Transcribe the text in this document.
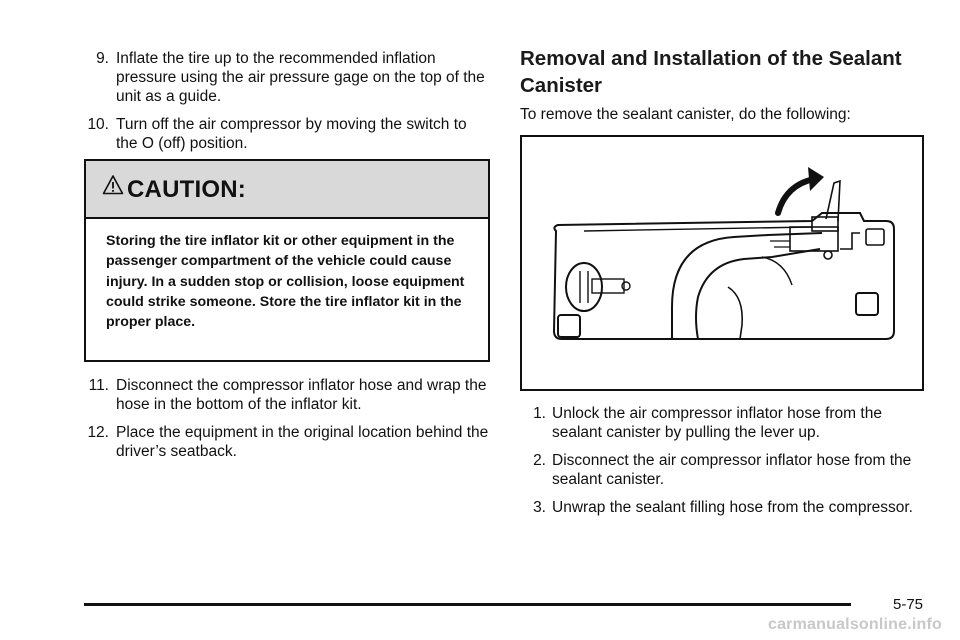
9. Inflate the tire up to the recommended inflation pressure using the air pressure gage on the top of the unit as a guide.
10. Turn off the air compressor by moving the switch to the O (off) position.
CAUTION:
Storing the tire inflator kit or other equipment in the passenger compartment of the vehicle could cause injury. In a sudden stop or collision, loose equipment could strike someone. Store the tire inflator kit in the proper place.
11. Disconnect the compressor inflator hose and wrap the hose in the bottom of the inflator kit.
12. Place the equipment in the original location behind the driver’s seatback.
Removal and Installation of the Sealant Canister
To remove the sealant canister, do the following:
1. Unlock the air compressor inflator hose from the sealant canister by pulling the lever up.
2. Disconnect the air compressor inflator hose from the sealant canister.
3. Unwrap the sealant filling hose from the compressor.
5-75
carmanualsonline.info
